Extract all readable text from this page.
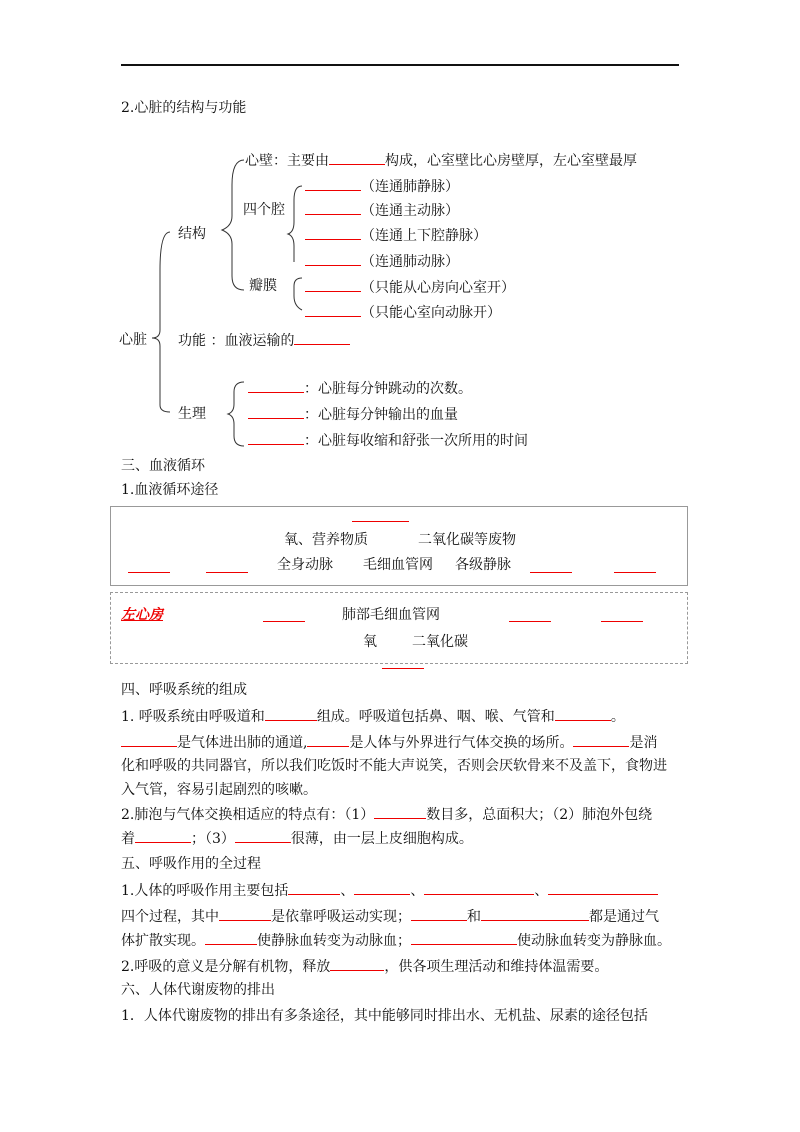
2.心脏的结构与功能
心脏
结构
心壁：主要由	构成，心室壁比心房壁厚，左心室壁最厚
四个腔
瓣膜
（连通肺静脉）
（连通主动脉）
（连通上下腔静脉）
（连通肺动脉）
（只能从心房向心室开）
（只能心室向动脉开）
功能 ：血液运输的
生理
：心脏每分钟跳动的次数。
：心脏每分钟输出的血量
：心脏每收缩和舒张一次所用的时间
三、血液循环
1.血液循环途径
氧、营养物质	二氧化碳等废物
全身动脉 毛细血管网 各级静脉
左心房	肺部毛细血管网
氧	二氧化碳
四、呼吸系统的组成
1. 呼吸系统由呼吸道和	组成。呼吸道包括鼻、咽、喉、气管和	。
是气体进出肺的通道,	是人体与外界进行气体交换的场所。	是消
化和呼吸的共同器官，所以我们吃饭时不能大声说笑，否则会厌软骨来不及盖下，食物进
入气管，容易引起剧烈的咳嗽。
2.肺泡与气体交换相适应的特点有：（1）	数目多，总面积大；（2）肺泡外包绕
着	；（3）	很薄，由一层上皮细胞构成。
五、呼吸作用的全过程
1.人体的呼吸作用主要包括	、	、	、
四个过程，其中	是依靠呼吸运动实现；	和	都是通过气
体扩散实现。	使静脉血转变为动脉血；	使动脉血转变为静脉血。
2.呼吸的意义是分解有机物，释放	，供各项生理活动和维持体温需要。
六、人体代谢废物的排出
1．人体代谢废物的排出有多条途径，其中能够同时排出水、无机盐、尿素的途径包括
